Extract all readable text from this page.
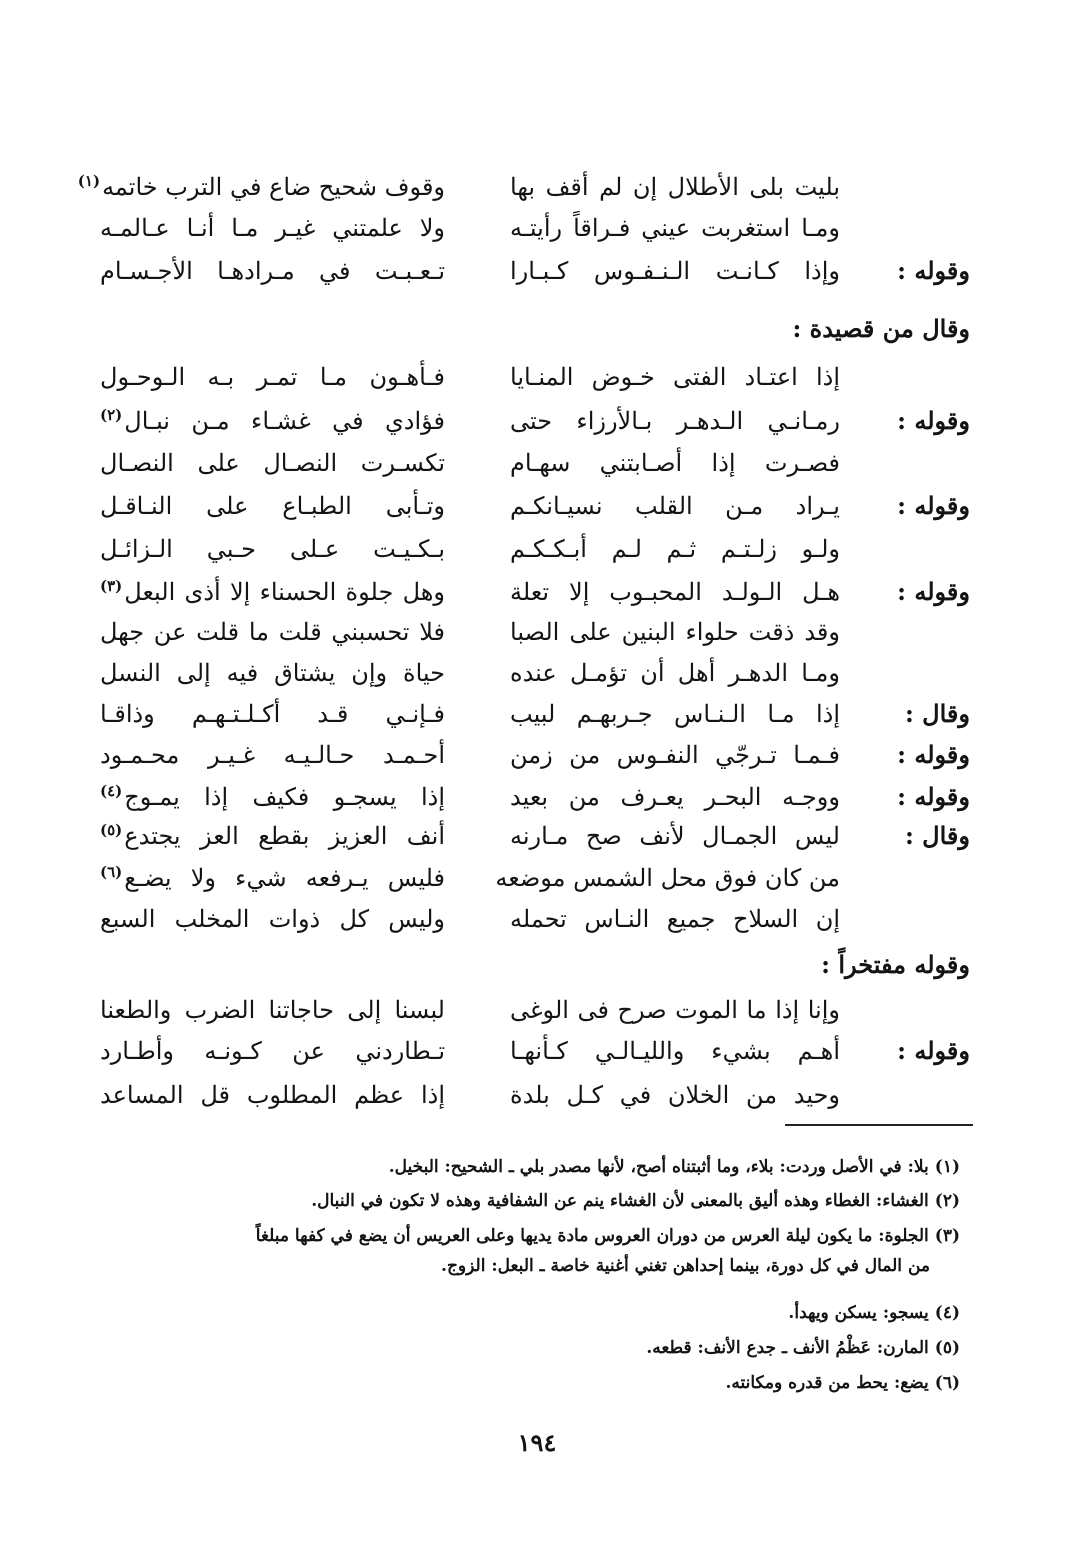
بليت بلى الأطلال إن لم أقف بها
وقوف شحيح ضاع في الترب خاتمه$^{(١)}$
ومـا استغربت عيني فـراقاً رأيتـه
ولا علمتني غيـر مـا أنـا عـالمـه
وقوله :
وإذا كـانـت الـنـفـوس كـبـارا
تـعـبـت في مـرادهـا الأجـسـام
وقال من قصيدة :
إذا اعتـاد الفتى خـوض المنـايا
فـأهـون مـا تمـر بـه الـوحـول
وقوله :
رمـانـي الـدهـر بـالأرزاء حتى
فؤادي في غشـاء مـن نبـال$^{(٢)}$
فصـرت إذا أصـابتني سهـام
تكسـرت النصـال على النصـال
وقوله :
يـراد مـن القلب نسيـانكـم
وتـأبى الطبـاع على النـاقـل
ولـو زلـتـم ثـم لـم أبـكـكـم
بـكـيـت عـلى حـبي الـزائـل
وقوله :
هـل الـولـد المحبـوب إلا تعلة
وهل جلوة الحسناء إلا أذى البعل$^{(٣)}$
وقد ذقت حلواء البنين على الصبا
فلا تحسبني قلت ما قلت عن جهل
ومـا الدهـر أهل أن تؤمـل عنده
حياة وإن يشتاق فيه إلى النسل
وقال :
إذا مـا الـنـاس جـربهـم لبيب
فـإنـي قـد أكـلـتـهـم وذاقـا
وقوله :
فـمـا تـرجّي النفـوس من زمن
أحـمـد حـالـيـه غـيـر محـمـود
وقوله :
ووجـه البحـر يعـرف من بعيد
إذا يسجـو فكيف إذا يمـوج$^{(٤)}$
وقال :
ليس الجمـال لأنف صح مـارنه
أنف العزيز بقطع العز يجتدع$^{(٥)}$
من كان فوق محل الشمس موضعه
فليس يـرفعه شيء ولا يضـع$^{(٦)}$
إن السلاح جميع النـاس تحمله
وليس كل ذوات المخلب السبع
وقوله مفتخراً :
وإنا إذا ما الموت صرح فى الوغى
لبسنا إلى حاجاتنا الضرب والطعنا
وقوله :
أهـم بشيء والليـالـي كـأنهـا
تـطاردني عن كـونـه وأطـارد
وحيد من الخلان في كـل بلدة
إذا عظم المطلوب قل المساعد
(١)بلا: في الأصل وردت: بلاء، وما أثبتناه أصح، لأنها مصدر بلي ـ الشحيح: البخيل.
(٢)الغشاء: الغطاء وهذه أليق بالمعنى لأن الغشاء ينم عن الشفافية وهذه لا تكون في النبال.
(٣)الجلوة: ما يكون ليلة العرس من دوران العروس مادة يديها وعلى العريس أن يضع في كفها مبلغاً
من المال في كل دورة، بينما إحداهن تغني أغنية خاصة ـ البعل: الزوج.
(٤)يسجو: يسكن ويهدأ.
(٥)المارن: عَظْمُ الأنف ـ جدع الأنف: قطعه.
(٦)يضع: يحط من قدره ومكانته.
١٩٤
